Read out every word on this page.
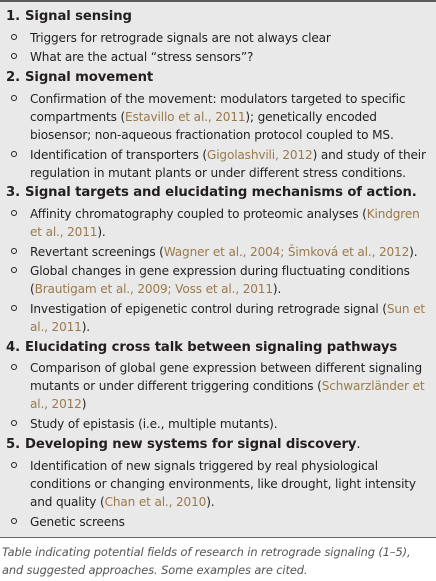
1. Signal sensing
Triggers for retrograde signals are not always clear
What are the actual “stress sensors”?
2. Signal movement
Confirmation of the movement: modulators targeted to specific compartments (Estavillo et al., 2011); genetically encoded biosensor; non-aqueous fractionation protocol coupled to MS.
Identification of transporters (Gigolashvili, 2012) and study of their regulation in mutant plants or under different stress conditions.
3. Signal targets and elucidating mechanisms of action.
Affinity chromatography coupled to proteomic analyses (Kindgren et al., 2011).
Revertant screenings (Wagner et al., 2004; Šimková et al., 2012).
Global changes in gene expression during fluctuating conditions (Brautigam et al., 2009; Voss et al., 2011).
Investigation of epigenetic control during retrograde signal (Sun et al., 2011).
4. Elucidating cross talk between signaling pathways
Comparison of global gene expression between different signaling mutants or under different triggering conditions (Schwarzländer et al., 2012)
Study of epistasis (i.e., multiple mutants).
5. Developing new systems for signal discovery.
Identification of new signals triggered by real physiological conditions or changing environments, like drought, light intensity and quality (Chan et al., 2010).
Genetic screens
Table indicating potential fields of research in retrograde signaling (1–5), and suggested approaches. Some examples are cited.
